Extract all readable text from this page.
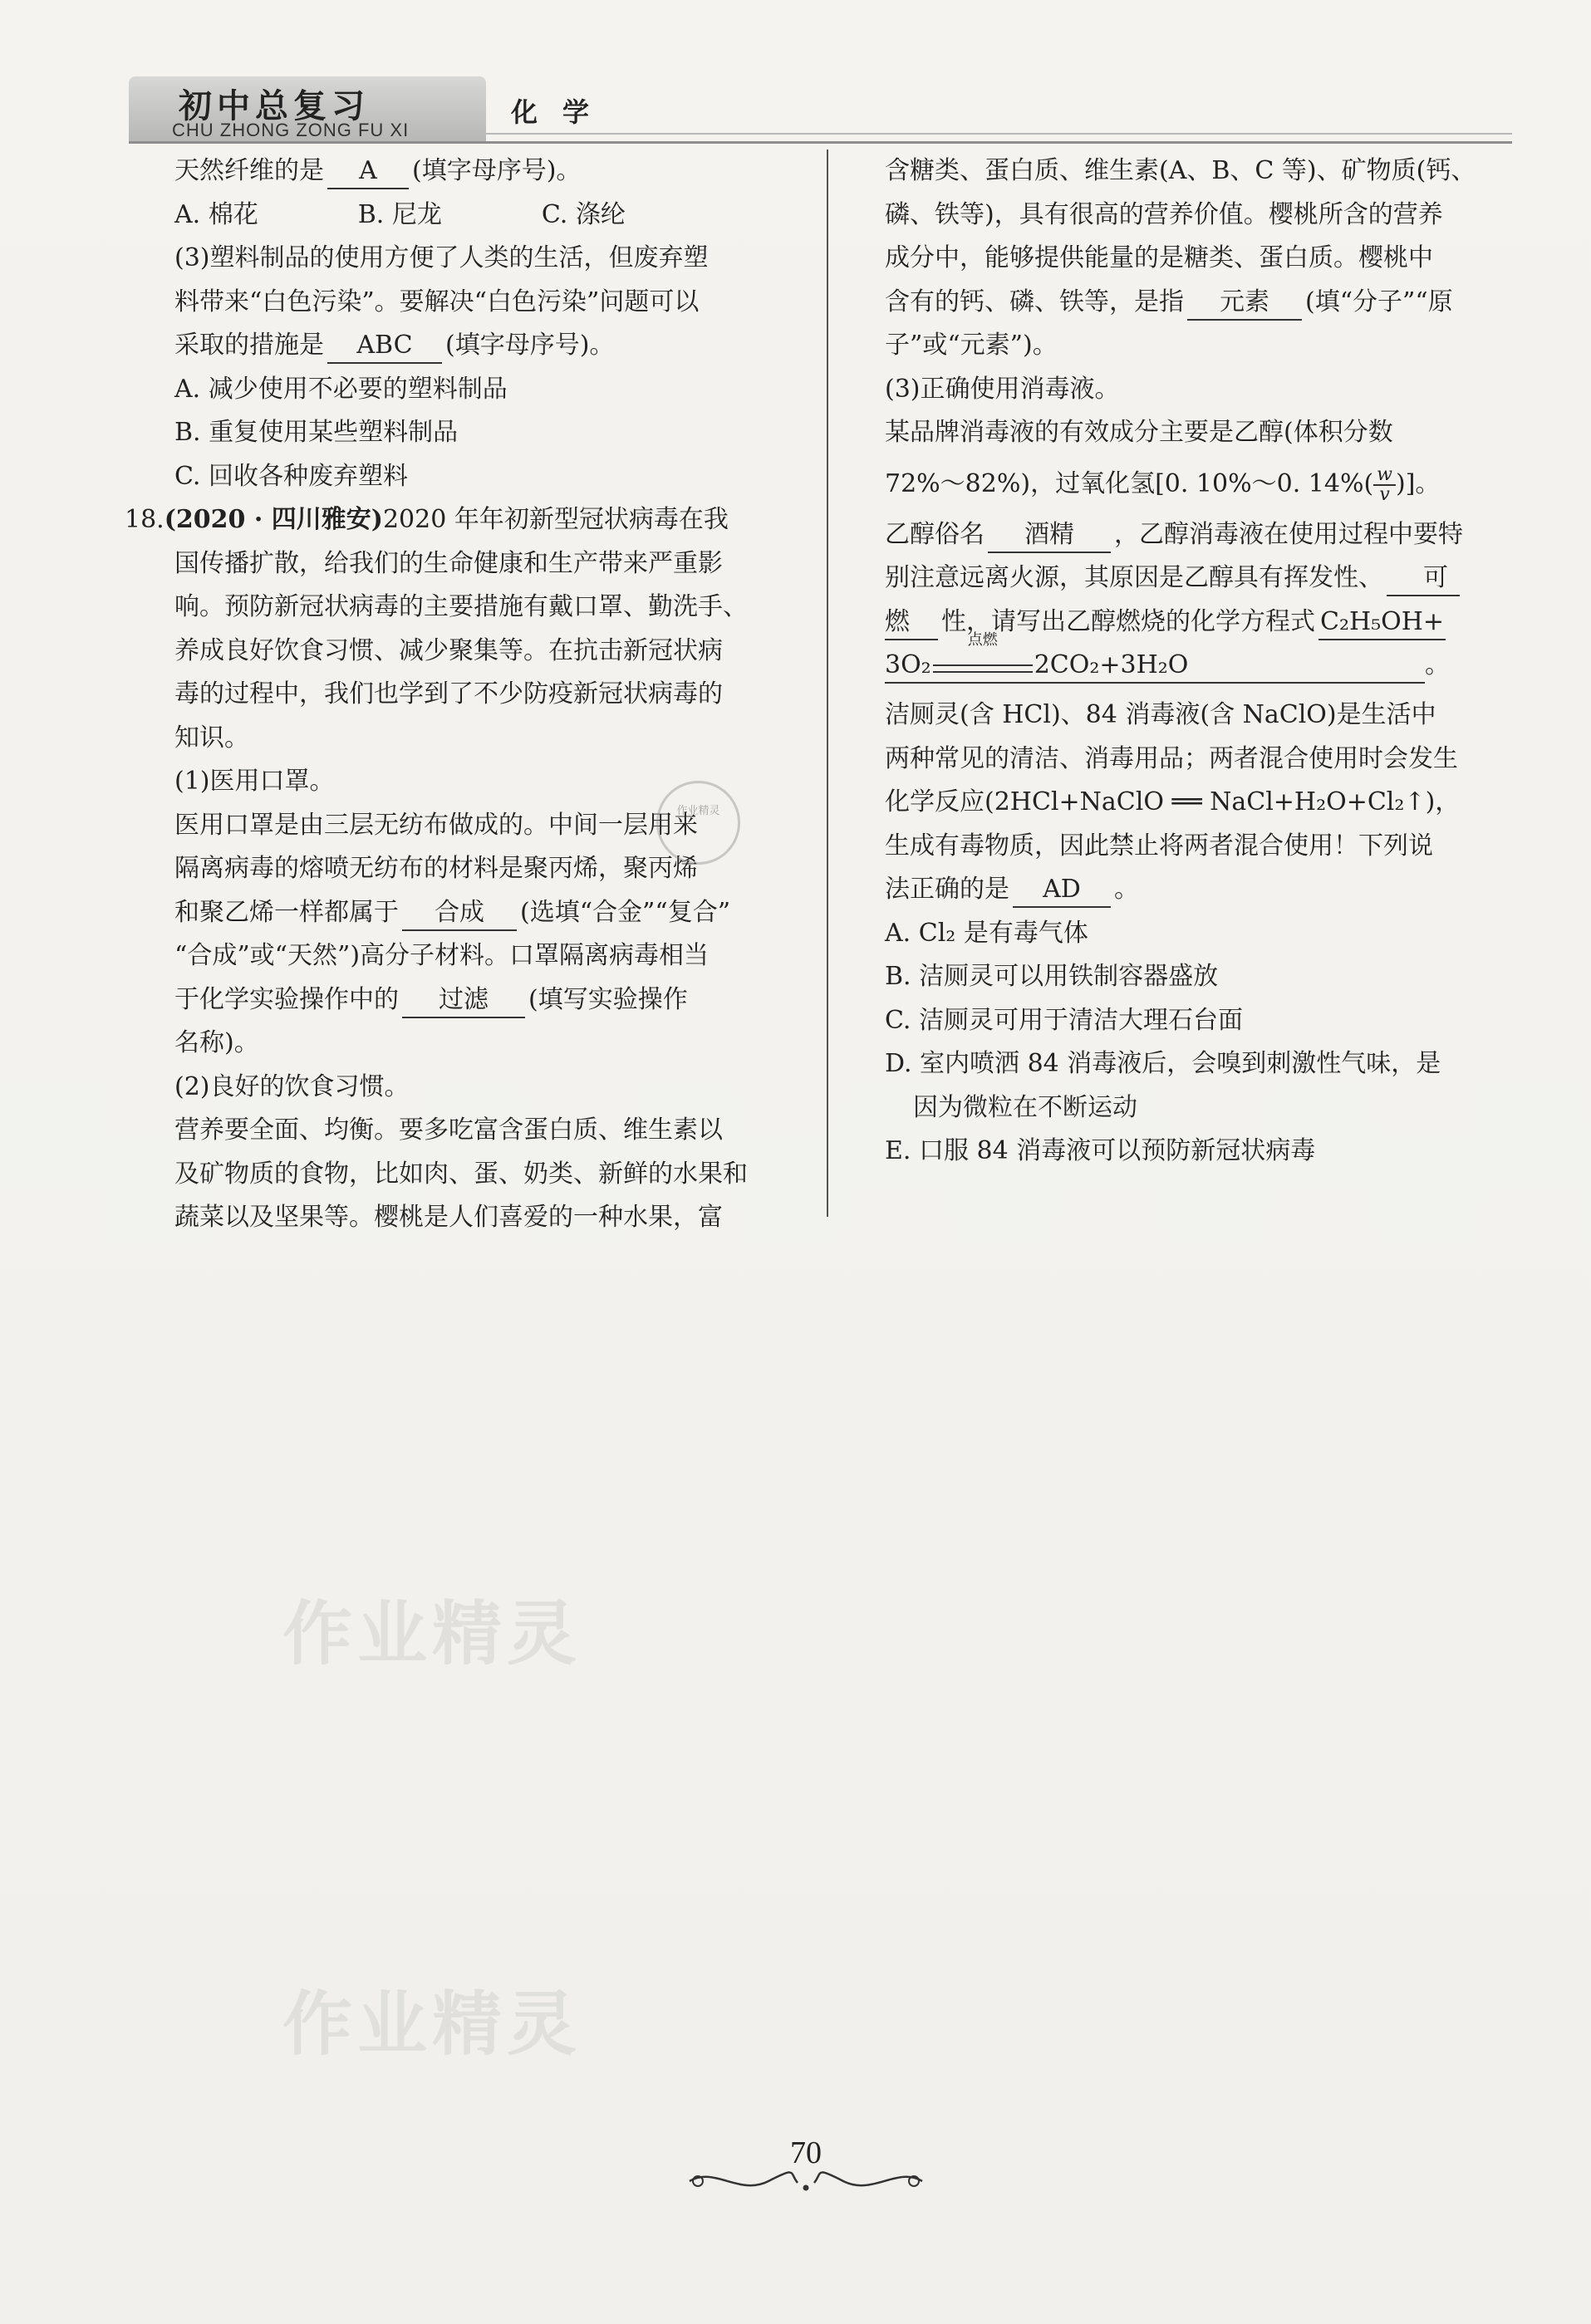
初中总复习
CHU ZHONG ZONG FU XI
化学
天然纤维的是 A (填字母序号)。
A. 棉花	B. 尼龙	C. 涤纶
(3)塑料制品的使用方便了人类的生活，但废弃塑
料带来“白色污染”。要解决“白色污染”问题可以
采取的措施是 ABC (填字母序号)。
A. 减少使用不必要的塑料制品
B. 重复使用某些塑料制品
C. 回收各种废弃塑料
18.(2020 · 四川雅安)2020 年年初新型冠状病毒在我
国传播扩散，给我们的生命健康和生产带来严重影
响。预防新冠状病毒的主要措施有戴口罩、勤洗手、
养成良好饮食习惯、减少聚集等。在抗击新冠状病
毒的过程中，我们也学到了不少防疫新冠状病毒的
知识。
(1)医用口罩。
医用口罩是由三层无纺布做成的。中间一层用来
隔离病毒的熔喷无纺布的材料是聚丙烯，聚丙烯
和聚乙烯一样都属于 合成 (选填“合金”“复合”
“合成”或“天然”)高分子材料。口罩隔离病毒相当
于化学实验操作中的 过滤 (填写实验操作
名称)。
(2)良好的饮食习惯。
营养要全面、均衡。要多吃富含蛋白质、维生素以
及矿物质的食物，比如肉、蛋、奶类、新鲜的水果和
蔬菜以及坚果等。樱桃是人们喜爱的一种水果，富
含糖类、蛋白质、维生素(A、B、C 等)、矿物质(钙、
磷、铁等)，具有很高的营养价值。樱桃所含的营养
成分中，能够提供能量的是糖类、蛋白质。樱桃中
含有的钙、磷、铁等，是指 元素 (填“分子”“原
子”或“元素”)。
(3)正确使用消毒液。
某品牌消毒液的有效成分主要是乙醇(体积分数
72%～82%)，过氧化氢[0. 10%～0. $14\%( \frac{w}{v}$ )]。
乙醇俗名 酒精 ，乙醇消毒液在使用过程中要特
别注意远离火源，其原因是乙醇具有挥发性、 可
燃 性，请写出乙醇燃烧的化学方程式 C₂H₅OH+
3O₂
点燃
2CO₂+3H₂O	。
洁厕灵(含 HCl)、84 消毒液(含 NaClO)是生活中
两种常见的清洁、消毒用品；两者混合使用时会发生
化学反应(2HCl+NaClO ══ NaCl+H₂O+Cl₂↑)，
生成有毒物质，因此禁止将两者混合使用！下列说
法正确的是 AD 。
A. Cl₂ 是有毒气体
B. 洁厕灵可以用铁制容器盛放
C. 洁厕灵可用于清洁大理石台面
D. 室内喷洒 84 消毒液后，会嗅到刺激性气味，是
因为微粒在不断运动
E. 口服 84 消毒液可以预防新冠状病毒
作业精灵
作业精灵
作业精灵
70
